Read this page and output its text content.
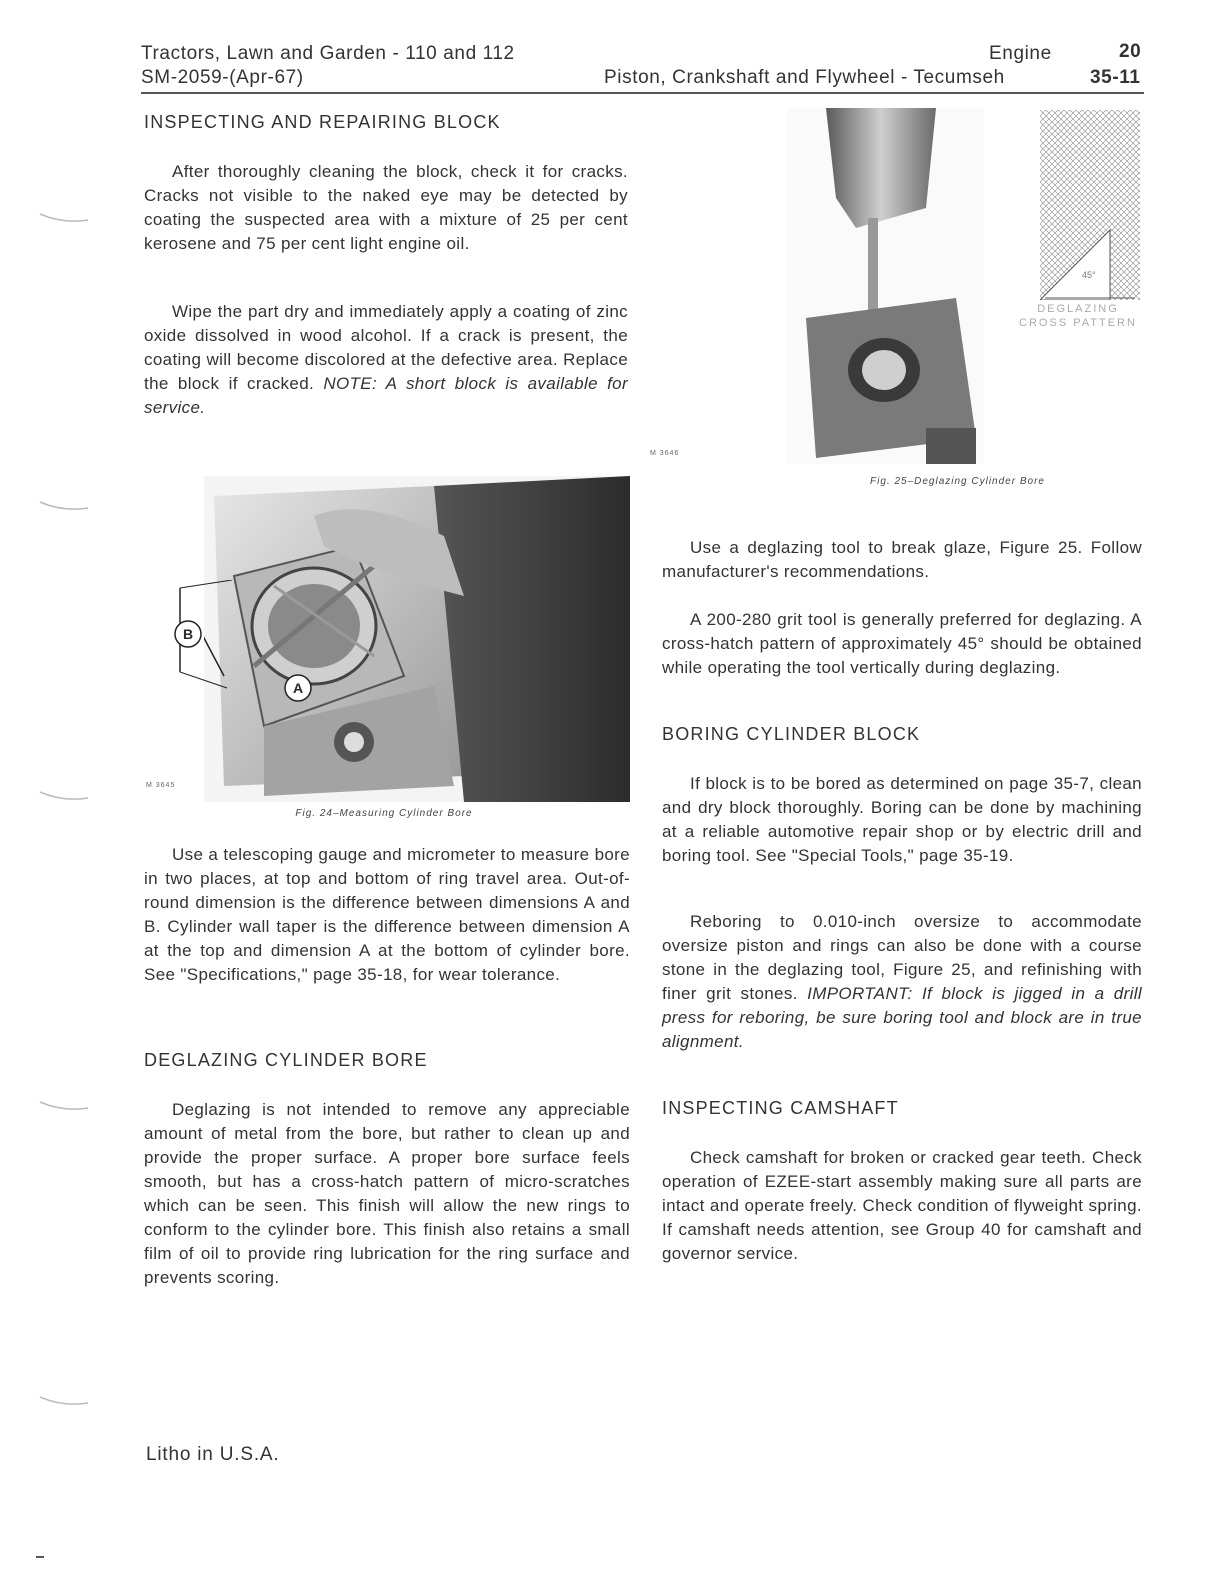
Tractors, Lawn and Garden - 110 and 112
SM-2059-(Apr-67)
Engine	20
Piston, Crankshaft and Flywheel - Tecumseh	35-11
INSPECTING AND REPAIRING BLOCK
After thoroughly cleaning the block, check it for cracks. Cracks not visible to the naked eye may be detected by coating the suspected area with a mixture of 25 per cent kerosene and 75 per cent light engine oil.
Wipe the part dry and immediately apply a coating of zinc oxide dissolved in wood alcohol. If a crack is present, the coating will become discolored at the defective area. Replace the block if cracked. NOTE: A short block is available for service.
B
A
M 3645
Fig. 24–Measuring Cylinder Bore
Use a telescoping gauge and micrometer to measure bore in two places, at top and bottom of ring travel area. Out-of-round dimension is the difference between dimensions A and B. Cylinder wall taper is the difference between dimension A at the top and dimension A at the bottom of cylinder bore. See "Specifications," page 35-18, for wear tolerance.
DEGLAZING CYLINDER BORE
Deglazing is not intended to remove any appreciable amount of metal from the bore, but rather to clean up and provide the proper surface. A proper bore surface feels smooth, but has a cross-hatch pattern of micro-scratches which can be seen. This finish will allow the new rings to conform to the cylinder bore. This finish also retains a small film of oil to provide ring lubrication for the ring surface and prevents scoring.
45°
DEGLAZING
CROSS PATTERN
M 3646
Fig. 25–Deglazing Cylinder Bore
Use a deglazing tool to break glaze, Figure 25. Follow manufacturer's recommendations.
A 200-280 grit tool is generally preferred for deglazing. A cross-hatch pattern of approximately 45° should be obtained while operating the tool vertically during deglazing.
BORING CYLINDER BLOCK
If block is to be bored as determined on page 35-7, clean and dry block thoroughly. Boring can be done by machining at a reliable automotive repair shop or by electric drill and boring tool. See "Special Tools," page 35-19.
Reboring to 0.010-inch oversize to accommodate oversize piston and rings can also be done with a course stone in the deglazing tool, Figure 25, and refinishing with finer grit stones. IMPORTANT: If block is jigged in a drill press for reboring, be sure boring tool and block are in true alignment.
INSPECTING CAMSHAFT
Check camshaft for broken or cracked gear teeth. Check operation of EZEE-start assembly making sure all parts are intact and operate freely. Check condition of flyweight spring. If camshaft needs attention, see Group 40 for camshaft and governor service.
Litho in U.S.A.
